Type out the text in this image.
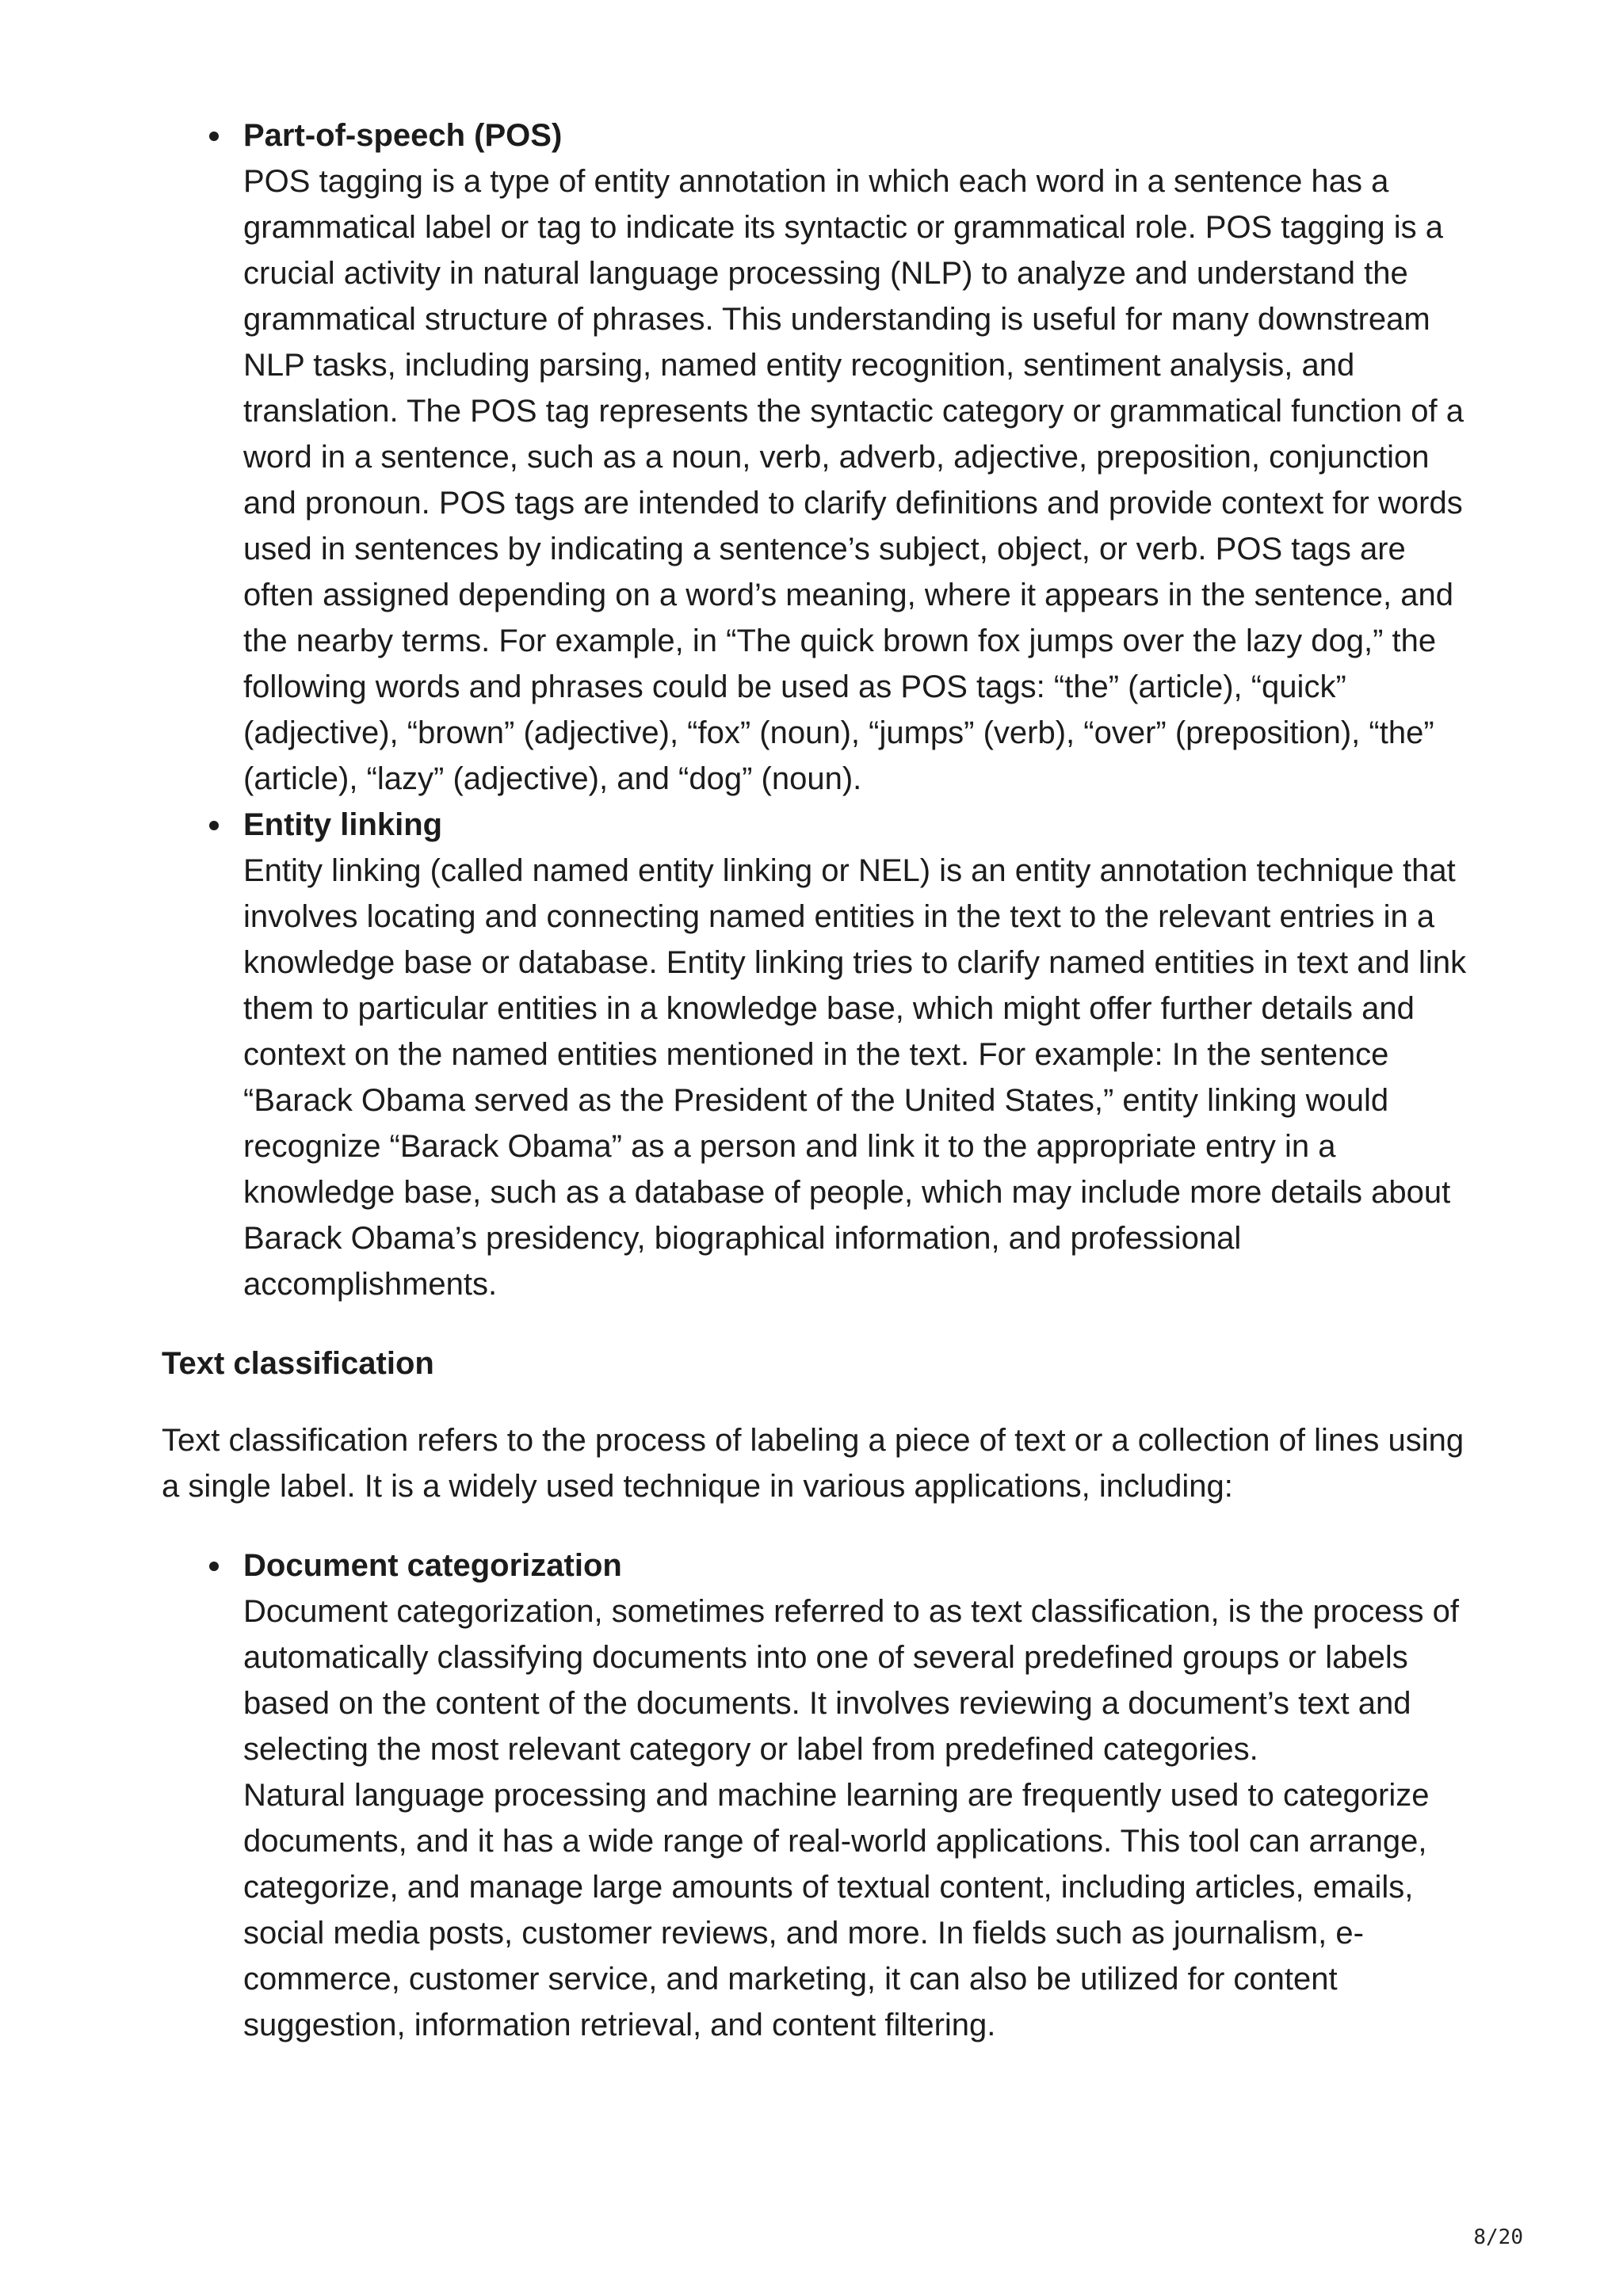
Part-of-speech (POS)
POS tagging is a type of entity annotation in which each word in a sentence has a grammatical label or tag to indicate its syntactic or grammatical role. POS tagging is a crucial activity in natural language processing (NLP) to analyze and understand the grammatical structure of phrases. This understanding is useful for many downstream NLP tasks, including parsing, named entity recognition, sentiment analysis, and translation. The POS tag represents the syntactic category or grammatical function of a word in a sentence, such as a noun, verb, adverb, adjective, preposition, conjunction and pronoun. POS tags are intended to clarify definitions and provide context for words used in sentences by indicating a sentence’s subject, object, or verb. POS tags are often assigned depending on a word’s meaning, where it appears in the sentence, and the nearby terms. For example, in “The quick brown fox jumps over the lazy dog,” the following words and phrases could be used as POS tags: “the” (article), “quick” (adjective), “brown” (adjective), “fox” (noun), “jumps” (verb), “over” (preposition), “the” (article), “lazy” (adjective), and “dog” (noun).
Entity linking
Entity linking (called named entity linking or NEL) is an entity annotation technique that involves locating and connecting named entities in the text to the relevant entries in a knowledge base or database. Entity linking tries to clarify named entities in text and link them to particular entities in a knowledge base, which might offer further details and context on the named entities mentioned in the text. For example: In the sentence “Barack Obama served as the President of the United States,” entity linking would recognize “Barack Obama” as a person and link it to the appropriate entry in a knowledge base, such as a database of people, which may include more details about Barack Obama’s presidency, biographical information, and professional accomplishments.
Text classification

Text classification refers to the process of labeling a piece of text or a collection of lines using a single label. It is a widely used technique in various applications, including:

Document categorization
Document categorization, sometimes referred to as text classification, is the process of automatically classifying documents into one of several predefined groups or labels based on the content of the documents. It involves reviewing a document’s text and selecting the most relevant category or label from predefined categories.
Natural language processing and machine learning are frequently used to categorize documents, and it has a wide range of real-world applications. This tool can arrange, categorize, and manage large amounts of textual content, including articles, emails, social media posts, customer reviews, and more. In fields such as journalism, e-commerce, customer service, and marketing, it can also be utilized for content suggestion, information retrieval, and content filtering.
8/20
